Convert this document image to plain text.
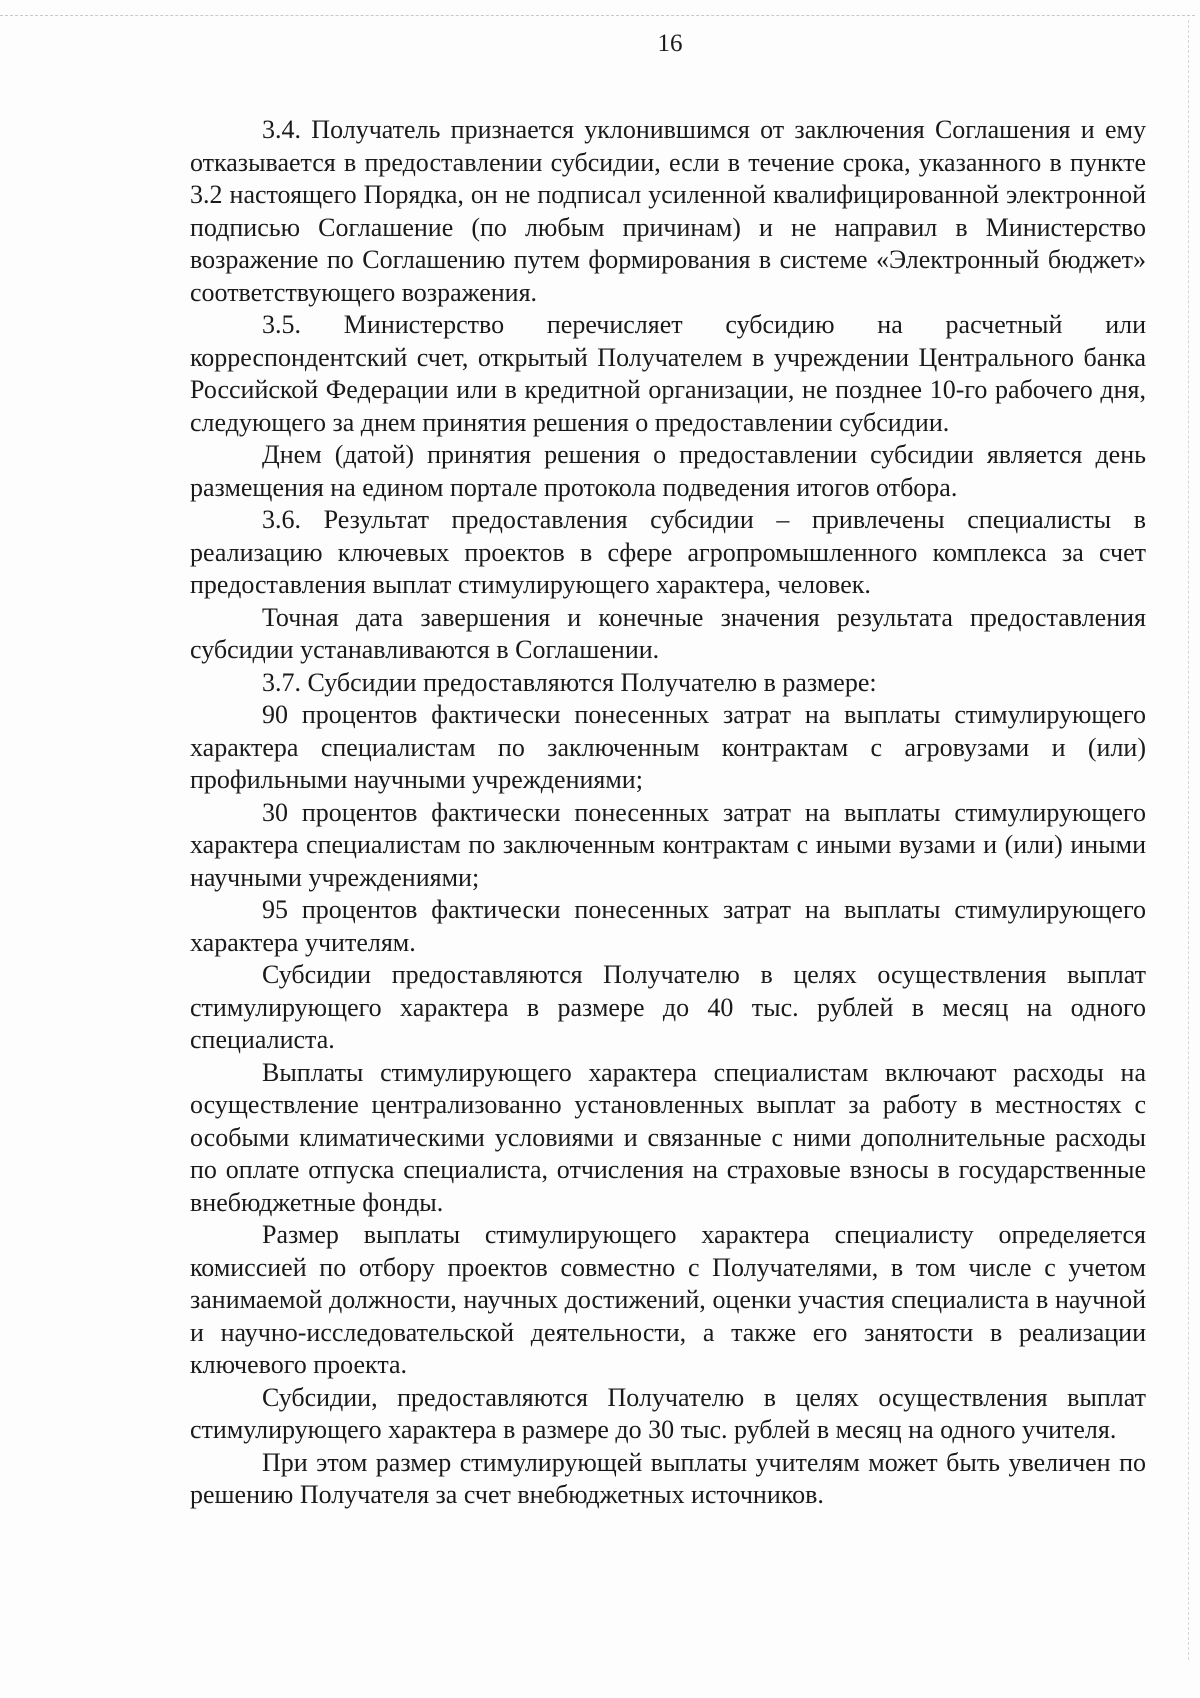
16

3.4. Получатель признается уклонившимся от заключения Соглашения и ему отказывается в предоставлении субсидии, если в течение срока, указанного в пункте 3.2 настоящего Порядка, он не подписал усиленной квалифицированной электронной подписью Соглашение (по любым причинам) и не направил в Министерство возражение по Соглашению путем формирования в системе «Электронный бюджет» соответствующего возражения.

3.5. Министерство перечисляет субсидию на расчетный или корреспондентский счет, открытый Получателем в учреждении Центрального банка Российской Федерации или в кредитной организации, не позднее 10-го рабочего дня, следующего за днем принятия решения о предоставлении субсидии.

Днем (датой) принятия решения о предоставлении субсидии является день размещения на едином портале протокола подведения итогов отбора.

3.6. Результат предоставления субсидии – привлечены специалисты в реализацию ключевых проектов в сфере агропромышленного комплекса за счет предоставления выплат стимулирующего характера, человек.

Точная дата завершения и конечные значения результата предоставления субсидии устанавливаются в Соглашении.

3.7. Субсидии предоставляются Получателю в размере:

90 процентов фактически понесенных затрат на выплаты стимулирующего характера специалистам по заключенным контрактам с агровузами и (или) профильными научными учреждениями;

30 процентов фактически понесенных затрат на выплаты стимулирующего характера специалистам по заключенным контрактам с иными вузами и (или) иными научными учреждениями;

95 процентов фактически понесенных затрат на выплаты стимулирующего характера учителям.

Субсидии предоставляются Получателю в целях осуществления выплат стимулирующего характера в размере до 40 тыс. рублей в месяц на одного специалиста.

Выплаты стимулирующего характера специалистам включают расходы на осуществление централизованно установленных выплат за работу в местностях с особыми климатическими условиями и связанные с ними дополнительные расходы по оплате отпуска специалиста, отчисления на страховые взносы в государственные внебюджетные фонды.

Размер выплаты стимулирующего характера специалисту определяется комиссией по отбору проектов совместно с Получателями, в том числе с учетом занимаемой должности, научных достижений, оценки участия специалиста в научной и научно-исследовательской деятельности, а также его занятости в реализации ключевого проекта.

Субсидии, предоставляются Получателю в целях осуществления выплат стимулирующего характера в размере до 30 тыс. рублей в месяц на одного учителя.

При этом размер стимулирующей выплаты учителям может быть увеличен по решению Получателя за счет внебюджетных источников.
